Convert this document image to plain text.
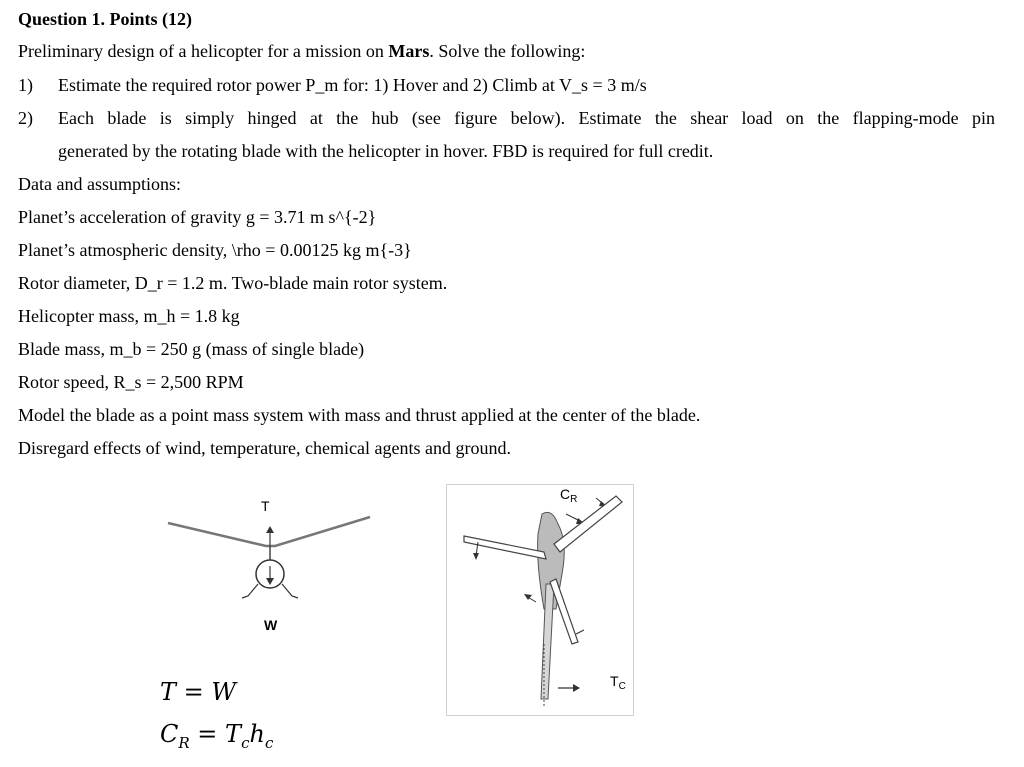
Question 1. Points (12)
Preliminary design of a helicopter for a mission on Mars. Solve the following:
1) Estimate the required rotor power P_m for: 1) Hover and 2) Climb at V_s = 3 m/s
2) Each blade is simply hinged at the hub (see figure below). Estimate the shear load on the flapping-mode pin
generated by the rotating blade with the helicopter in hover. FBD is required for full credit.
Data and assumptions:
Planet’s acceleration of gravity g = 3.71 m s^{-2}
Planet’s atmospheric density, \rho = 0.00125 kg m{-3}
Rotor diameter, D_r = 1.2 m. Two-blade main rotor system.
Helicopter mass, m_h = 1.8 kg
Blade mass, m_b = 250 g (mass of single blade)
Rotor speed, R_s = 2,500 RPM
Model the blade as a point mass system with mass and thrust applied at the center of the blade.
Disregard effects of wind, temperature, chemical agents and ground.
T
W
T = W
$C_R = T_ch_c$
$C_R$
$T_C$
